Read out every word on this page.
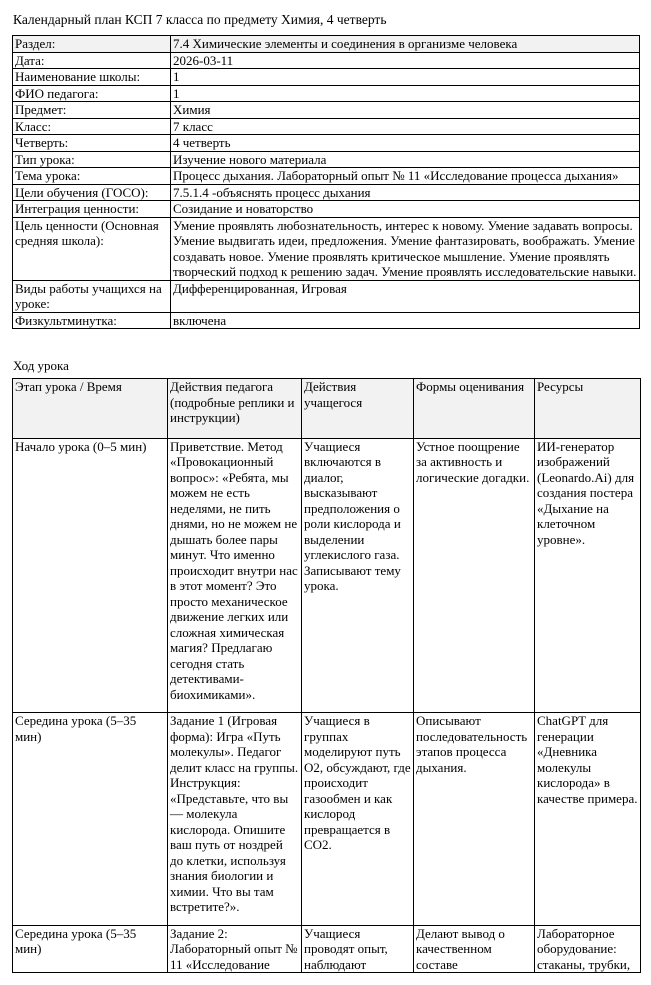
Календарный план КСП 7 класса по предмету Химия, 4 четверть
Раздел:	7.4 Химические элементы и соединения в организме человека
Дата:	2026-03-11
Наименование школы:	1
ФИО педагога:	1
Предмет:	Химия
Класс:	7 класс
Четверть:	4 четверть
Тип урока:	Изучение нового материала
Тема урока:	Процесс дыхания. Лабораторный опыт № 11 «Исследование процесса дыхания»
Цели обучения (ГОСО):	7.5.1.4 -объяснять процесс дыхания
Интеграция ценности:	Созидание и новаторство
Цель ценности (Основная средняя школа):	Умение проявлять любознательность, интерес к новому. Умение задавать вопросы. Умение выдвигать идеи, предложения. Умение фантазировать, воображать. Умение создавать новое. Умение проявлять критическое мышление. Умение проявлять творческий подход к решению задач. Умение проявлять исследовательские навыки.
Виды работы учащихся на уроке:	Дифференцированная, Игровая
Физкультминутка:	включена
Ход урока
Этап урока / Время	Действия педагога (подробные реплики и инструкции)	Действия учащегося	Формы оценивания	Ресурсы
Начало урока (0–5 мин)	Приветствие. Метод «Провокационный вопрос»: «Ребята, мы можем не есть неделями, не пить днями, но не можем не дышать более пары минут. Что именно происходит внутри нас в этот момент? Это просто механическое движение легких или сложная химическая магия? Предлагаю сегодня стать детективами-биохимиками».	Учащиеся включаются в диалог, высказывают предположения о роли кислорода и выделении углекислого газа. Записывают тему урока.	Устное поощрение за активность и логические догадки.	ИИ-генератор изображений (Leonardo.Ai) для создания постера «Дыхание на клеточном уровне».
Середина урока (5–35 мин)	Задание 1 (Игровая форма): Игра «Путь молекулы». Педагог делит класс на группы. Инструкция: «Представьте, что вы — молекула кислорода. Опишите ваш путь от ноздрей до клетки, используя знания биологии и химии. Что вы там встретите?».	Учащиеся в группах моделируют путь О2, обсуждают, где происходит газообмен и как кислород превращается в СО2.	Описывают последовательность этапов процесса дыхания.	ChatGPT для генерации «Дневника молекулы кислорода» в качестве примера.
Середина урока (5–35 мин)	Задание 2: Лабораторный опыт № 11 «Исследование	Учащиеся проводят опыт, наблюдают	Делают вывод о качественном составе	Лабораторное оборудование: стаканы, трубки,
